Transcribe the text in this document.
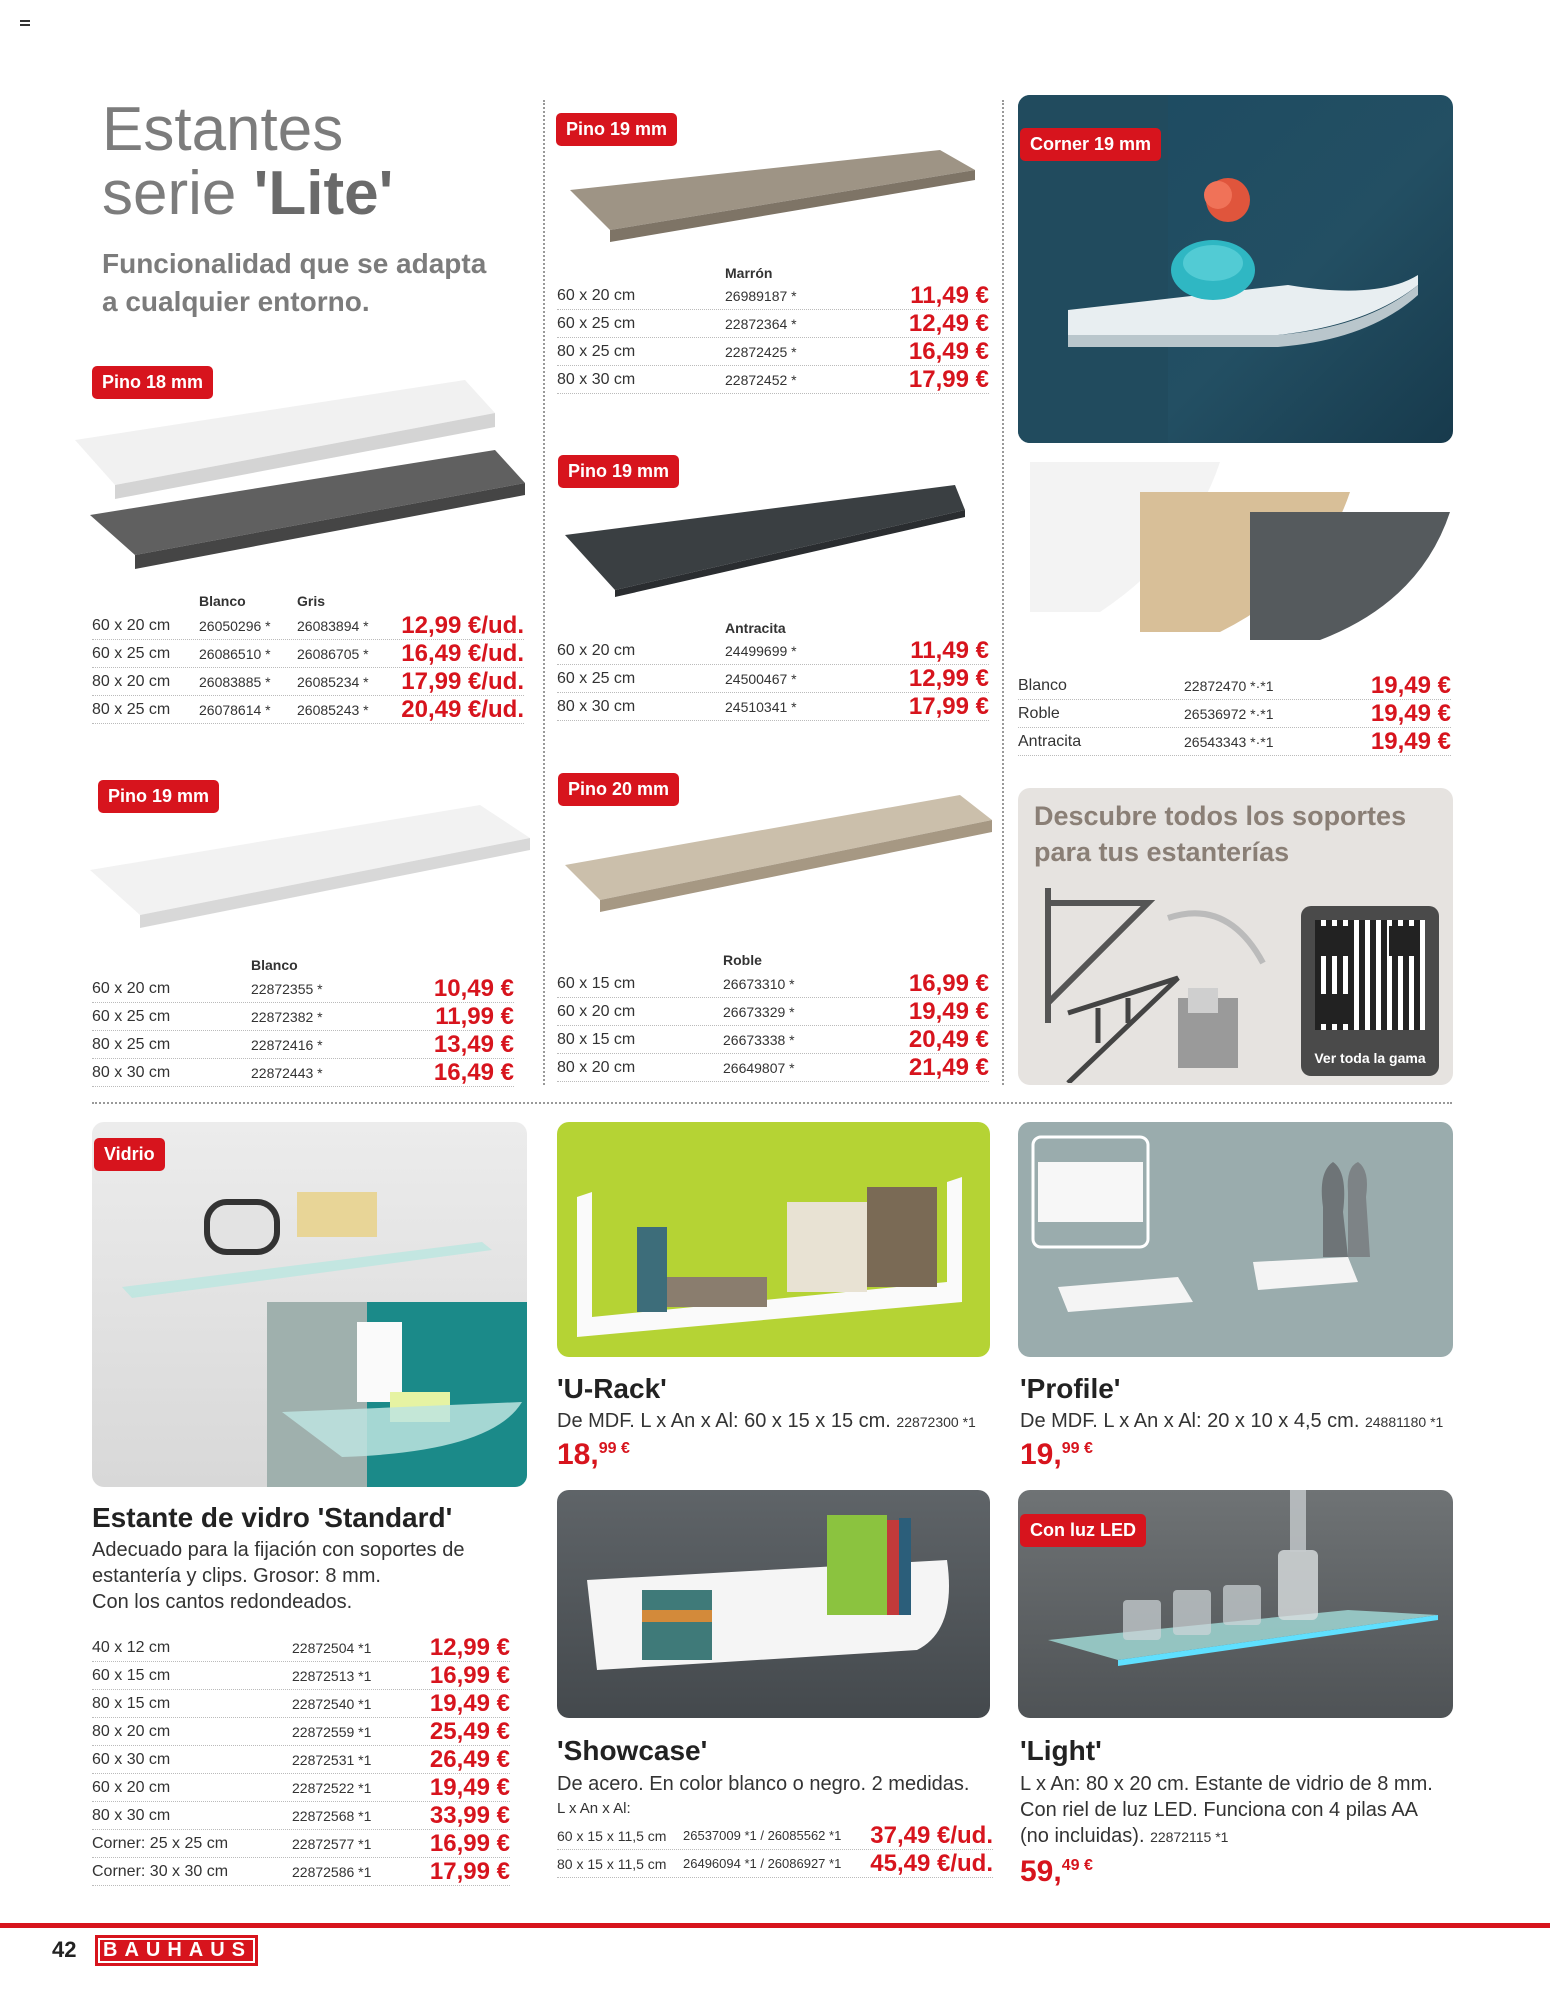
Estantes
serie 'Lite'
Funcionalidad que se adapta
a cualquier entorno.
Pino 18 mm
Blanco	Gris
60 x 20 cm 26050296 * 26083894 * 12,99 €/ud.
60 x 25 cm 26086510 * 26086705 * 16,49 €/ud.
80 x 20 cm 26083885 * 26085234 * 17,99 €/ud.
80 x 25 cm 26078614 * 26085243 * 20,49 €/ud.
Pino 19 mm
Blanco
60 x 20 cm	22872355 *	10,49 €
60 x 25 cm	22872382 *	11,99 €
80 x 25 cm	22872416 *	13,49 €
80 x 30 cm	22872443 *	16,49 €
Pino 19 mm
Marrón
60 x 20 cm	26989187 *	11,49 €
60 x 25 cm	22872364 *	12,49 €
80 x 25 cm	22872425 *	16,49 €
80 x 30 cm	22872452 *	17,99 €
Pino 19 mm
Antracita
60 x 20 cm	24499699 *	11,49 €
60 x 25 cm	24500467 *	12,99 €
80 x 30 cm	24510341 *	17,99 €
Pino 20 mm
Roble
60 x 15 cm	26673310 *	16,99 €
60 x 20 cm	26673329 *	19,49 €
80 x 15 cm	26673338 *	20,49 €
80 x 20 cm	26649807 *	21,49 €
Corner 19 mm
Blanco	22872470 *·*1	19,49 €
Roble	26536972 *·*1	19,49 €
Antracita	26543343 *·*1	19,49 €
Descubre todos los soportes
para tus estanterías
Ver toda la gama
Vidrio
Estante de vidro 'Standard'
Adecuado para la fijación con soportes de
estantería y clips. Grosor: 8 mm.
Con los cantos redondeados.
40 x 12 cm	22872504 *1 12,99 €
60 x 15 cm	22872513 *1 16,99 €
80 x 15 cm	22872540 *1 19,49 €
80 x 20 cm	22872559 *1 25,49 €
60 x 30 cm	22872531 *1 26,49 €
60 x 20 cm	22872522 *1 19,49 €
80 x 30 cm	22872568 *1 33,99 €
Corner: 25 x 25 cm	22872577 *1 16,99 €
Corner: 30 x 30 cm	22872586 *1 17,99 €
'U-Rack'
De MDF. L x An x Al: 60 x 15 x 15 cm. 22872300 *1
18,$^{99 €}$
'Profile'
De MDF. L x An x Al: 20 x 10 x 4,5 cm. 24881180 *1
19,$^{99 €}$
'Showcase'
De acero. En color blanco o negro. 2 medidas.
L x An x Al:
60 x 15 x 11,5 cm 26537009 *1 / 26085562 *1 37,49 €/ud.
80 x 15 x 11,5 cm 26496094 *1 / 26086927 *1 45,49 €/ud.
Con luz LED
'Light'
L x An: 80 x 20 cm. Estante de vidrio de 8 mm.
Con riel de luz LED. Funciona con 4 pilas AA
(no incluidas). 22872115 *1
59,$^{49 €}$
42	BAUHAUS
